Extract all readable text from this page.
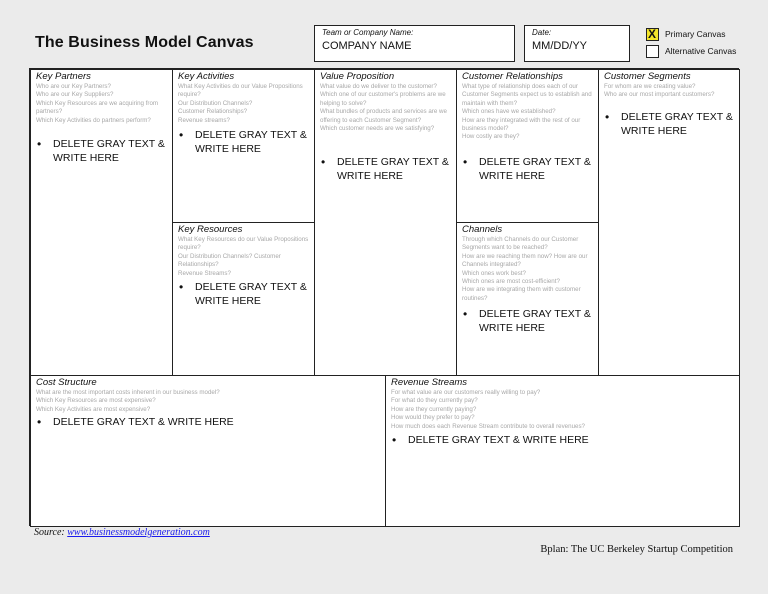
The Business Model Canvas
Team or Company Name:
COMPANY NAME
Date:
MM/DD/YY
X Primary Canvas
Alternative Canvas
Key Partners
Who are our Key Partners?
Who are our Key Suppliers?
Which Key Resources are we acquiring from partners?
Which Key Activities do partners perform?
• DELETE GRAY TEXT & WRITE HERE
Key Activities
What Key Activities do our Value Propositions require?
Our Distribution Channels?
Customer Relationships?
Revenue streams?
• DELETE GRAY TEXT & WRITE HERE
Key Resources
What Key Resources do our Value Propositions require?
Our Distribution Channels? Customer Relationships?
Revenue Streams?
• DELETE GRAY TEXT & WRITE HERE
Value Proposition
What value do we deliver to the customer?
Which one of our customer's problems are we helping to solve?
What bundles of products and services are we offering to each Customer Segment?
Which customer needs are we satisfying?
• DELETE GRAY TEXT & WRITE HERE
Customer Relationships
What type of relationship does each of our Customer Segments expect us to establish and maintain with them?
Which ones have we established?
How are they integrated with the rest of our business model?
How costly are they?
• DELETE GRAY TEXT & WRITE HERE
Channels
Through which Channels do our Customer Segments want to be reached?
How are we reaching them now? How are our Channels integrated?
Which ones work best?
Which ones are most cost-efficient?
How are we integrating them with customer routines?
• DELETE GRAY TEXT & WRITE HERE
Customer Segments
For whom are we creating value?
Who are our most important customers?
• DELETE GRAY TEXT & WRITE HERE
Cost Structure
What are the most important costs inherent in our business model?
Which Key Resources are most expensive?
Which Key Activities are most expensive?
• DELETE GRAY TEXT & WRITE HERE
Revenue Streams
For what value are our customers really willing to pay?
For what do they currently pay?
How are they currently paying?
How would they prefer to pay?
How much does each Revenue Stream contribute to overall revenues?
• DELETE GRAY TEXT & WRITE HERE
Source: www.businessmodelgeneration.com
Bplan: The UC Berkeley Startup Competition
